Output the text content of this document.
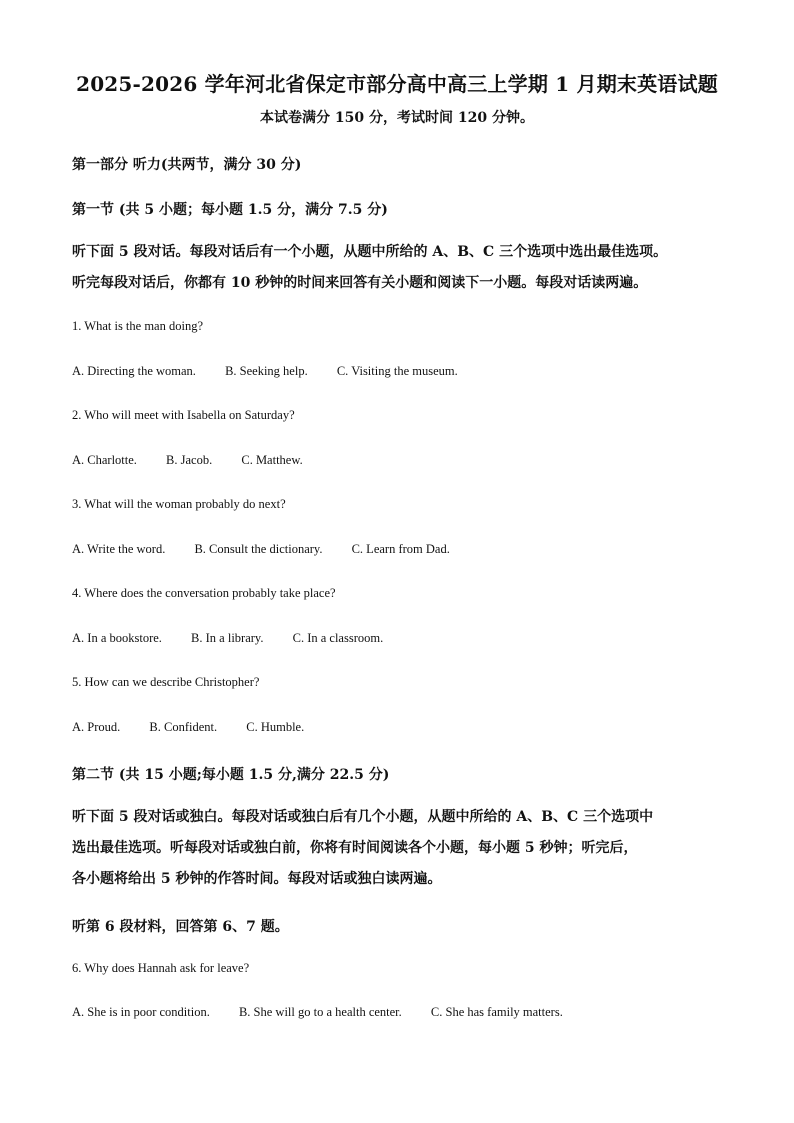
2025-2026 学年河北省保定市部分高中高三上学期 1 月期末英语试题
本试卷满分 150 分，考试时间 120 分钟。
第一部分 听力(共两节，满分 30 分)
第一节 (共 5 小题；每小题 1.5 分，满分 7.5 分)
听下面 5 段对话。每段对话后有一个小题，从题中所给的 A、B、C 三个选项中选出最佳选项。
听完每段对话后，你都有 10 秒钟的时间来回答有关小题和阅读下一小题。每段对话读两遍。
1. What is the man doing?
A. Directing the woman. B. Seeking help. C. Visiting the museum.
2. Who will meet with Isabella on Saturday?
A. Charlotte. B. Jacob. C. Matthew.
3. What will the woman probably do next?
A. Write the word. B. Consult the dictionary. C. Learn from Dad.
4. Where does the conversation probably take place?
A. In a bookstore. B. In a library. C. In a classroom.
5. How can we describe Christopher?
A. Proud. B. Confident. C. Humble.
第二节 (共 15 小题;每小题 1.5 分,满分 22.5 分)
听下面 5 段对话或独白。每段对话或独白后有几个小题，从题中所给的 A、B、C 三个选项中
选出最佳选项。听每段对话或独白前，你将有时间阅读各个小题，每小题 5 秒钟；听完后，
各小题将给出 5 秒钟的作答时间。每段对话或独白读两遍。
听第 6 段材料，回答第 6、7 题。
6. Why does Hannah ask for leave?
A. She is in poor condition. B. She will go to a health center. C. She has family matters.
